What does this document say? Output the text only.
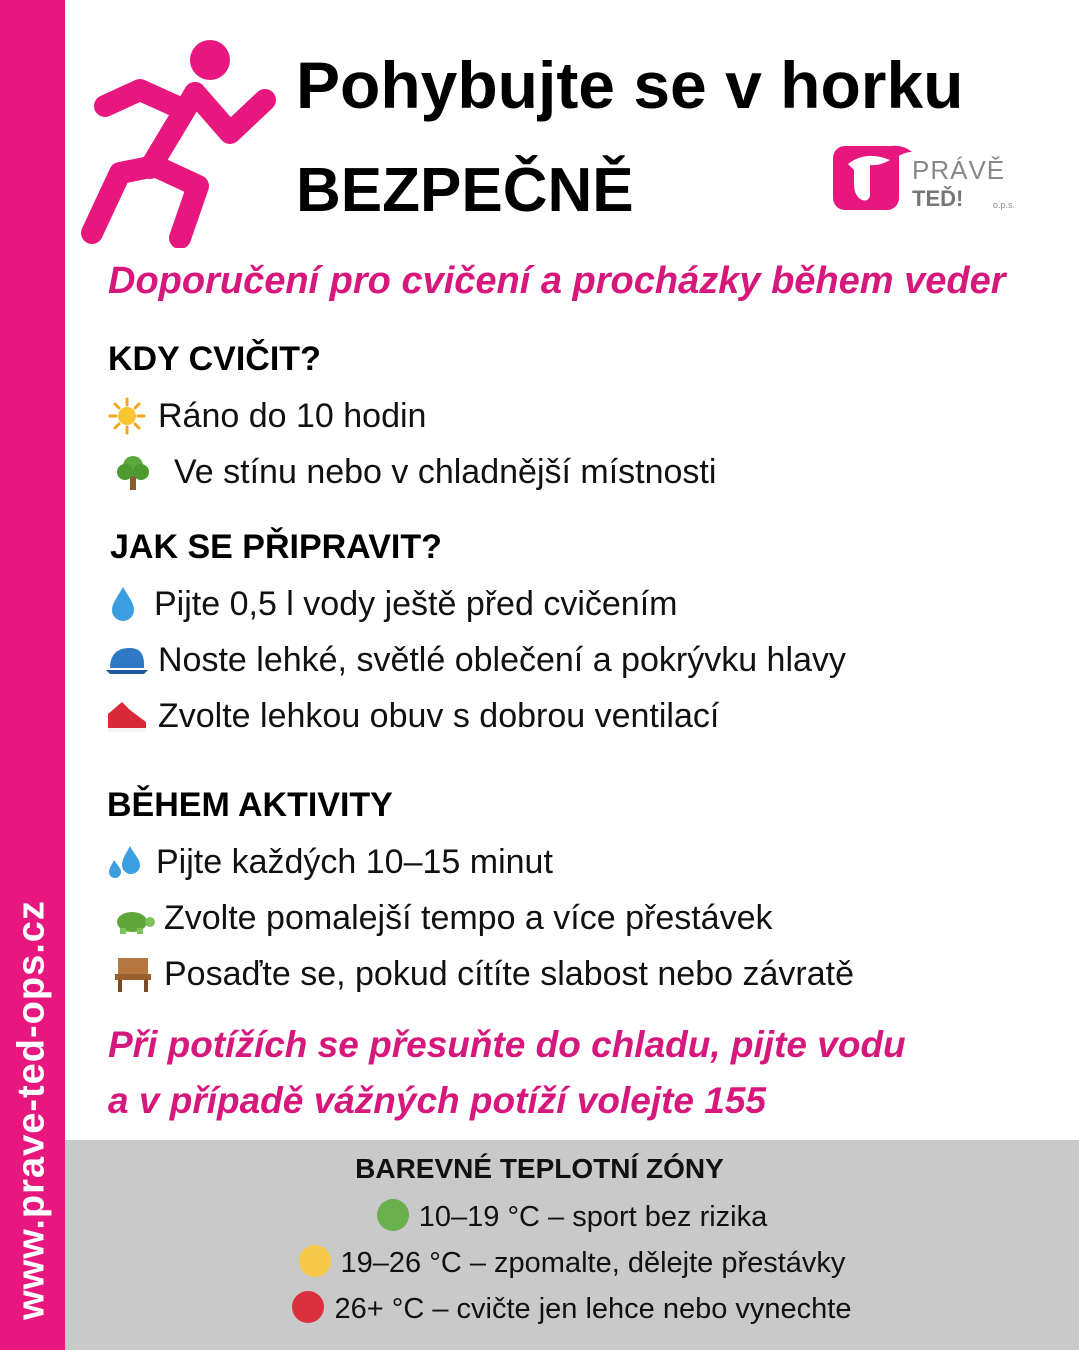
www.prave-ted-ops.cz
Pohybujte se v horku
BEZPEČNĚ	PRÁVĚ
TEĎ!	o.p.s.
Doporučení pro cvičení a procházky během veder
KDY CVIČIT?
Ráno do 10 hodin
Ve stínu nebo v chladnější místnosti
JAK SE PŘIPRAVIT?
Pijte 0,5 l vody ještě před cvičením
Noste lehké, světlé oblečení a pokrývku hlavy
Zvolte lehkou obuv s dobrou ventilací
BĚHEM AKTIVITY
Pijte každých 10–15 minut
Zvolte pomalejší tempo a více přestávek
Posaďte se, pokud cítíte slabost nebo závratě
Při potížích se přesuňte do chladu, pijte vodu
a v případě vážných potíží volejte 155
BAREVNÉ TEPLOTNÍ ZÓNY
10–19 °C – sport bez rizika
19–26 °C – zpomalte, dělejte přestávky
26+ °C – cvičte jen lehce nebo vynechte
